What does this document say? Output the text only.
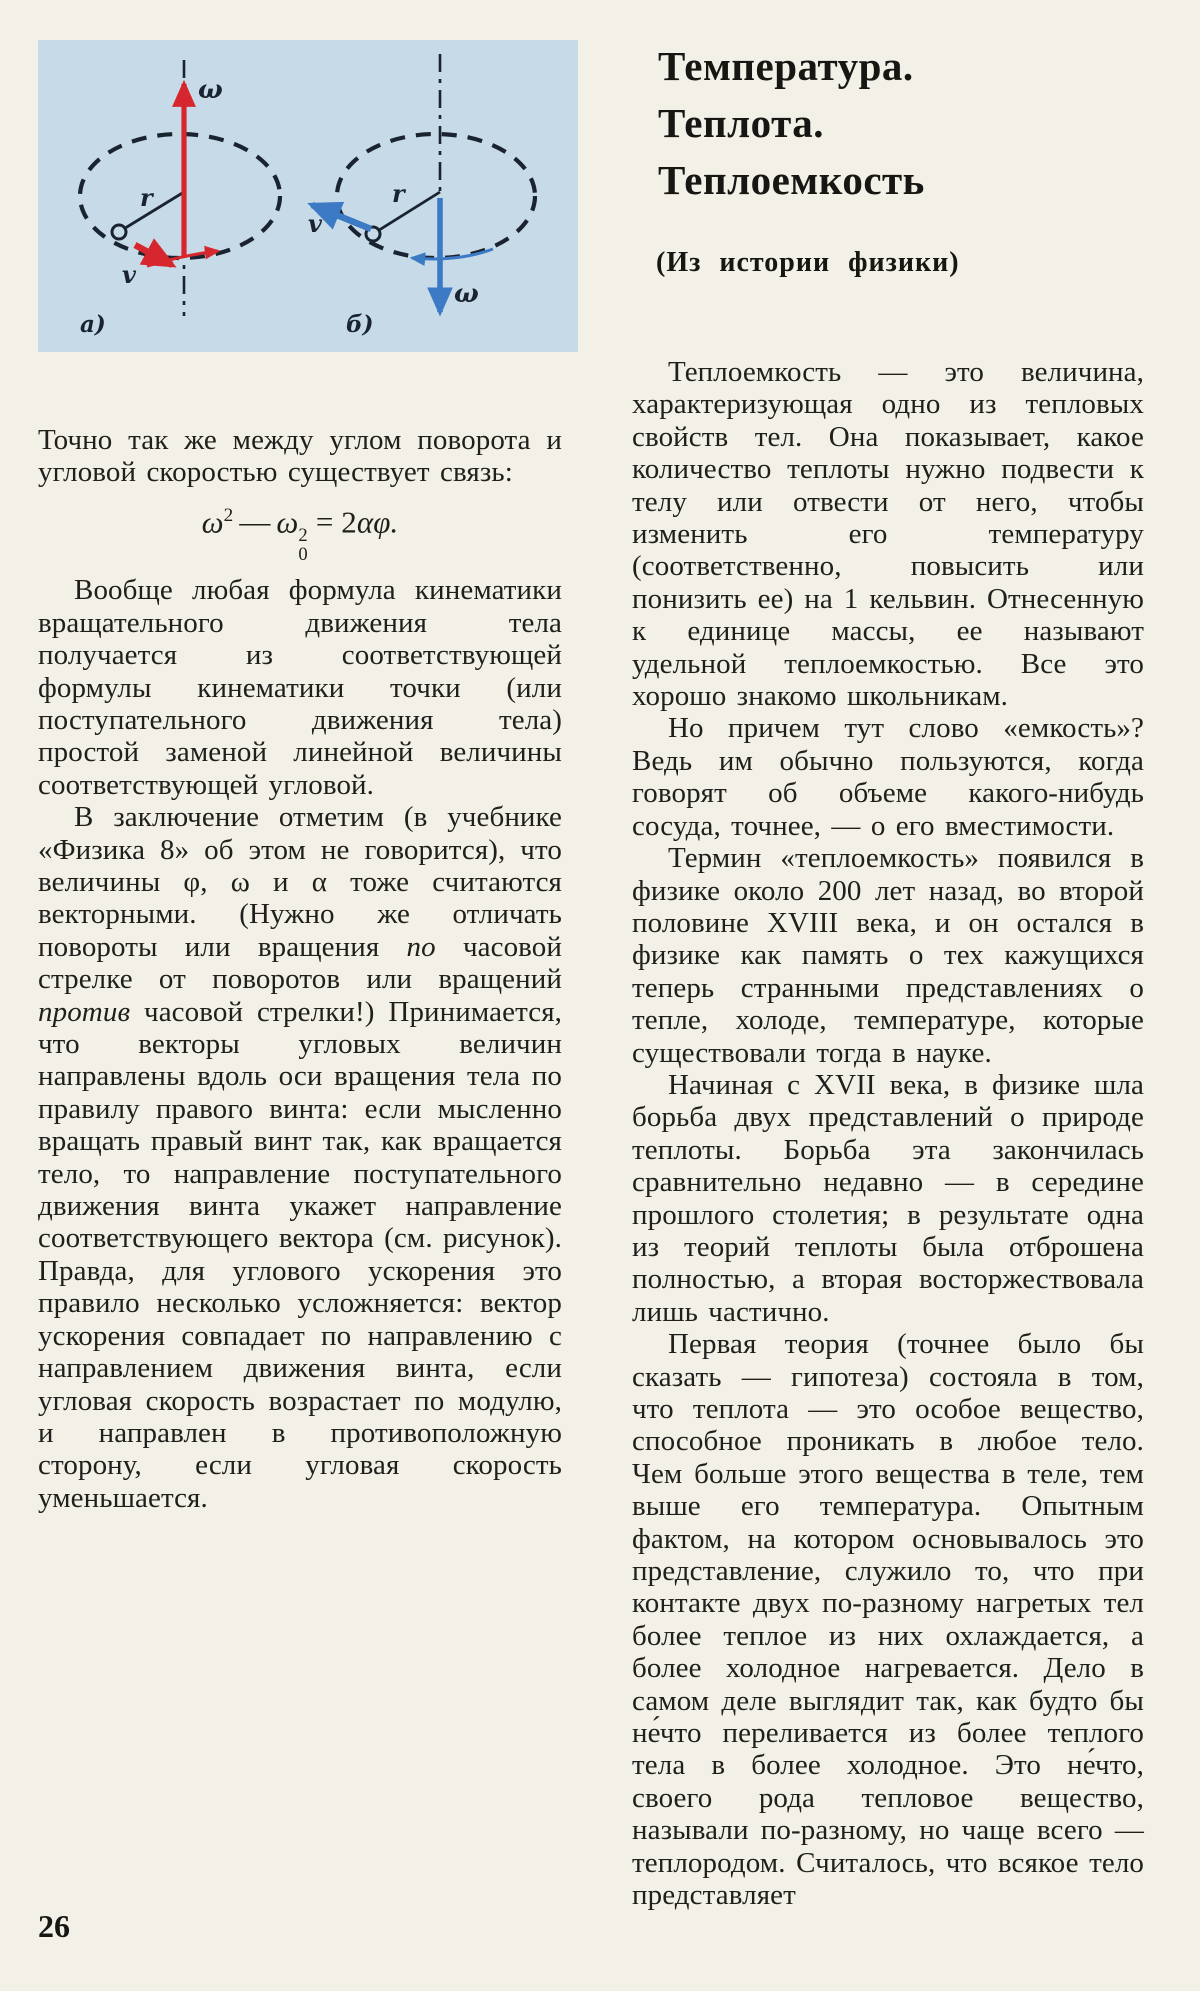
ω
r
v
а)
r
v
ω
б)
Температура.
Теплота.
Теплоемкость
(Из истории физики)

Точно так же между углом поворота и угловой скоростью существует связь:

$\omega^2$ — ω 2
0
= 2αφ.

Вообще любая формула кинематики вращательного движения тела получается из соответствующей формулы кинематики точки (или поступательного движения тела) простой заменой линейной величины соответствующей угловой.

В заключение отметим (в учебнике «Физика 8» об этом не говорится), что величины φ, ω и α тоже считаются векторными. (Нужно же отличать повороты или вращения по часовой стрелке от поворотов или вращений против часовой стрелки!) Принимается, что векторы угловых величин направлены вдоль оси вращения тела по правилу правого винта: если мысленно вращать правый винт так, как вращается тело, то направление поступательного движения винта укажет направление соответствующего вектора (см. рисунок). Правда, для углового ускорения это правило несколько усложняется: вектор ускорения совпадает по направлению с направлением движения винта, если угловая скорость возрастает по модулю, и направлен в противоположную сторону, если угловая скорость уменьшается.

Теплоемкость — это величина, характеризующая одно из тепловых свойств тел. Она показывает, какое количество теплоты нужно подвести к телу или отвести от него, чтобы изменить его температуру (соответственно, повысить или понизить ее) на 1 кельвин. Отнесенную к единице массы, ее называют удельной теплоемкостью. Все это хорошо знакомо школьникам.

Но причем тут слово «емкость»? Ведь им обычно пользуются, когда говорят об объеме какого-нибудь сосуда, точнее, — о его вместимости.

Термин «теплоемкость» появился в физике около 200 лет назад, во второй половине XVIII века, и он остался в физике как память о тех кажущихся теперь странными представлениях о тепле, холоде, температуре, которые существовали тогда в науке.

Начиная с XVII века, в физике шла борьба двух представлений о природе теплоты. Борьба эта закончилась сравнительно недавно — в середине прошлого столетия; в результате одна из теорий теплоты была отброшена полностью, а вторая восторжествовала лишь частично.

Первая теория (точнее было бы сказать — гипотеза) состояла в том, что теплота — это особое вещество, способное проникать в любое тело. Чем больше этого вещества в теле, тем выше его температура. Опытным фактом, на котором основывалось это представление, служило то, что при контакте двух по-разному нагретых тел более теплое из них охлаждается, а более холодное нагревается. Дело в самом деле выглядит так, как будто бы не́что переливается из более теплого тела в более холодное. Это не́что, своего рода тепловое вещество, называли по-разному, но чаще всего — теплородом. Считалось, что всякое тело представляет

26
